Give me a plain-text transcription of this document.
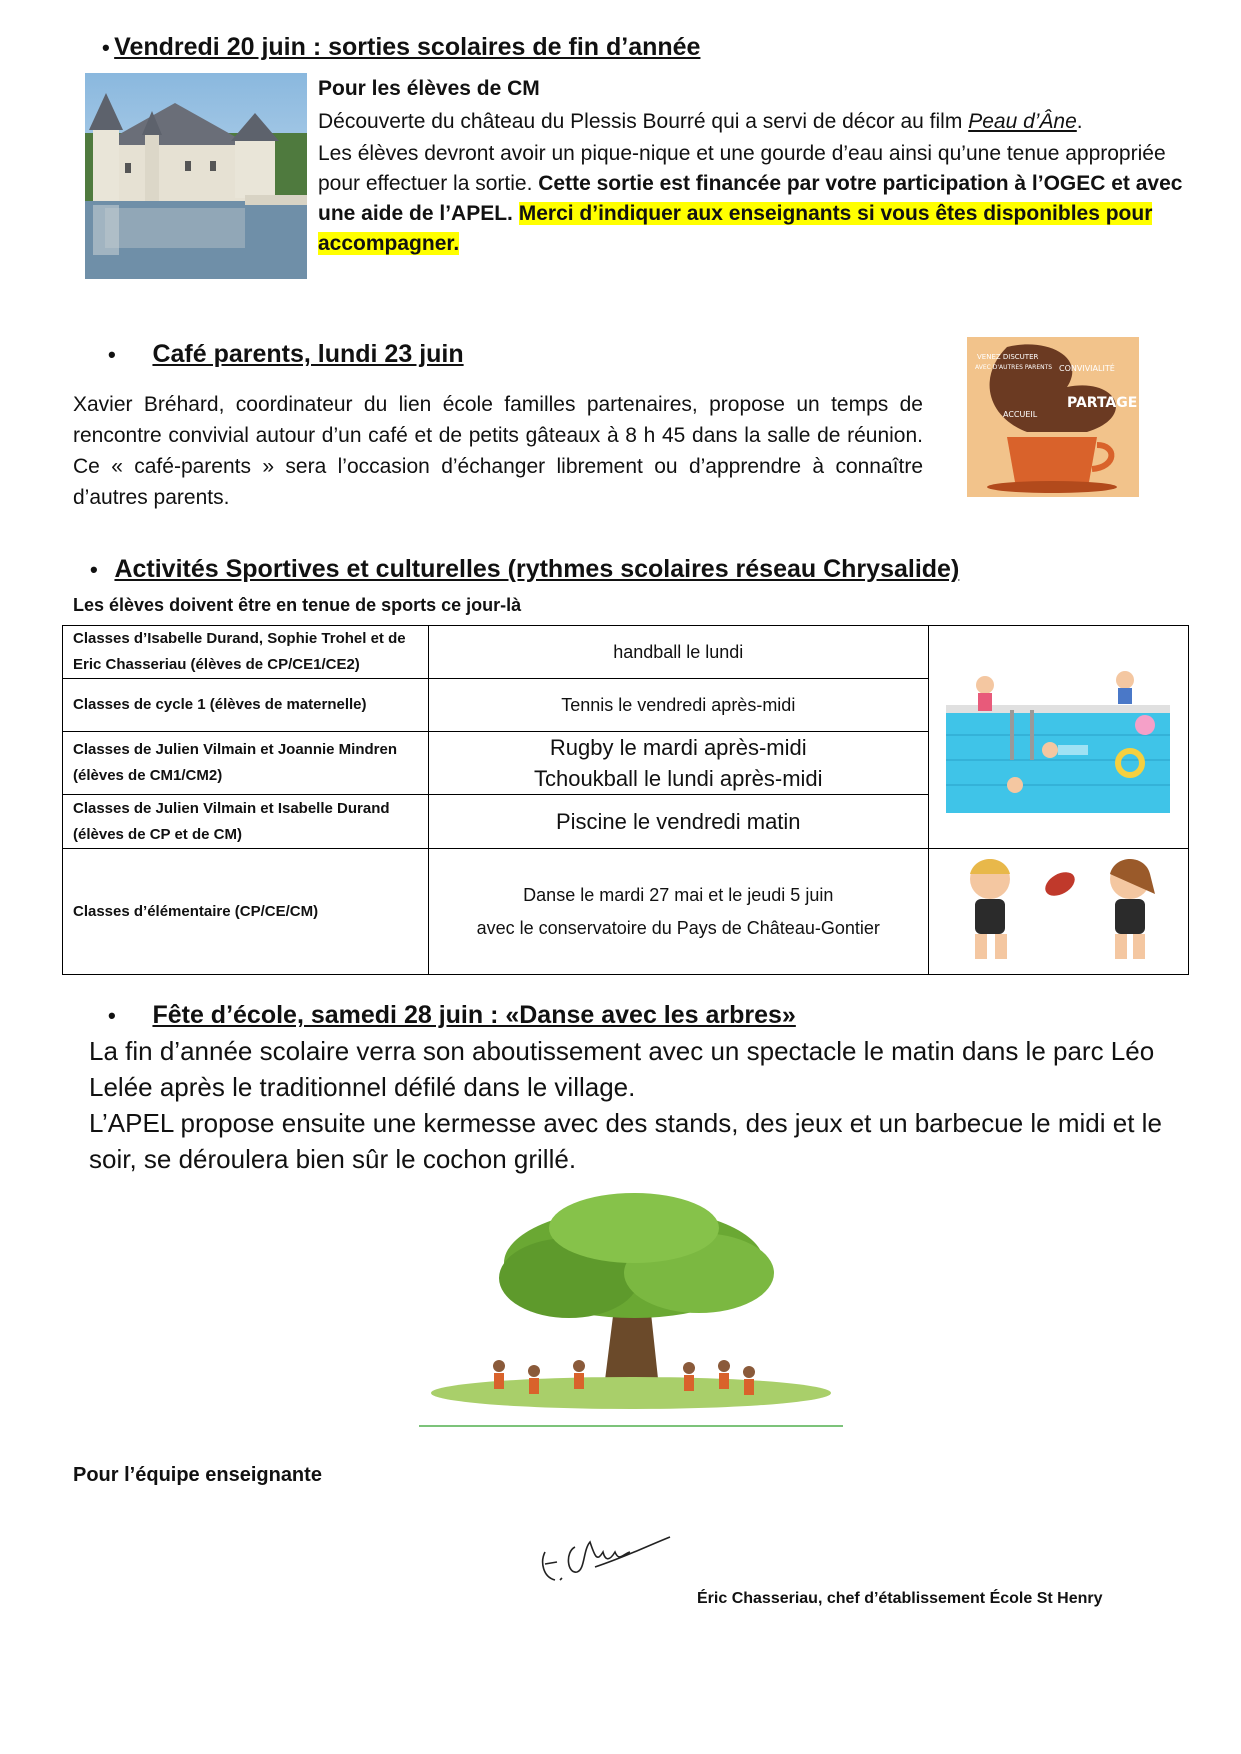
• Vendredi 20 juin : sorties scolaires de fin d’année
Pour les élèves de CM
Découverte du château du Plessis Bourré qui a servi de décor au film Peau d’Âne.
Les élèves devront avoir un pique-nique et une gourde d’eau ainsi qu’une tenue appropriée pour effectuer la sortie. Cette sortie est financée par votre participation à l’OGEC et avec une aide de l’APEL. Merci d’indiquer aux enseignants si vous êtes disponibles pour accompagner.
• Café parents, lundi 23 juin
Xavier Bréhard, coordinateur du lien école familles partenaires, propose un temps de rencontre convivial autour d’un café et de petits gâteaux à 8 h 45 dans la salle de réunion. Ce « café-parents » sera l’occasion d’échanger librement ou d’apprendre à connaître d’autres parents.
VENEZ DISCUTER
AVEC D'AUTRES PARENTS CONVIVIALITÉ
PARTAGE
ACCUEIL
• Activités Sportives et culturelles (rythmes scolaires réseau Chrysalide)
Les élèves doivent être en tenue de sports ce jour-là
Classes d’Isabelle Durand, Sophie Trohel et de Eric Chasseriau (élèves de CP/CE1/CE2)	handball le lundi	
Classes de cycle 1 (élèves de maternelle)	Tennis le vendredi après-midi	
Classes de Julien Vilmain et Joannie Mindren (élèves de CM1/CM2)	Rugby le mardi après-midi
Tchoukball le lundi après-midi	

Classes de Julien Vilmain et Isabelle Durand (élèves de CP et de CM)	Piscine le vendredi matin	
Classes d’élémentaire (CP/CE/CM)	Danse le mardi 27 mai et le jeudi 5 juin
avec le conservatoire du Pays de Château-Gontier

• Fête d’école, samedi 28 juin : «Danse avec les arbres»
La fin d’année scolaire verra son aboutissement avec un spectacle le matin dans le parc Léo Lelée après le traditionnel défilé dans le village.
L’APEL propose ensuite une kermesse avec des stands, des jeux et un barbecue le midi et le soir, se déroulera bien sûr le cochon grillé.
Pour l’équipe enseignante
Éric Chasseriau, chef d’établissement École St Henry
